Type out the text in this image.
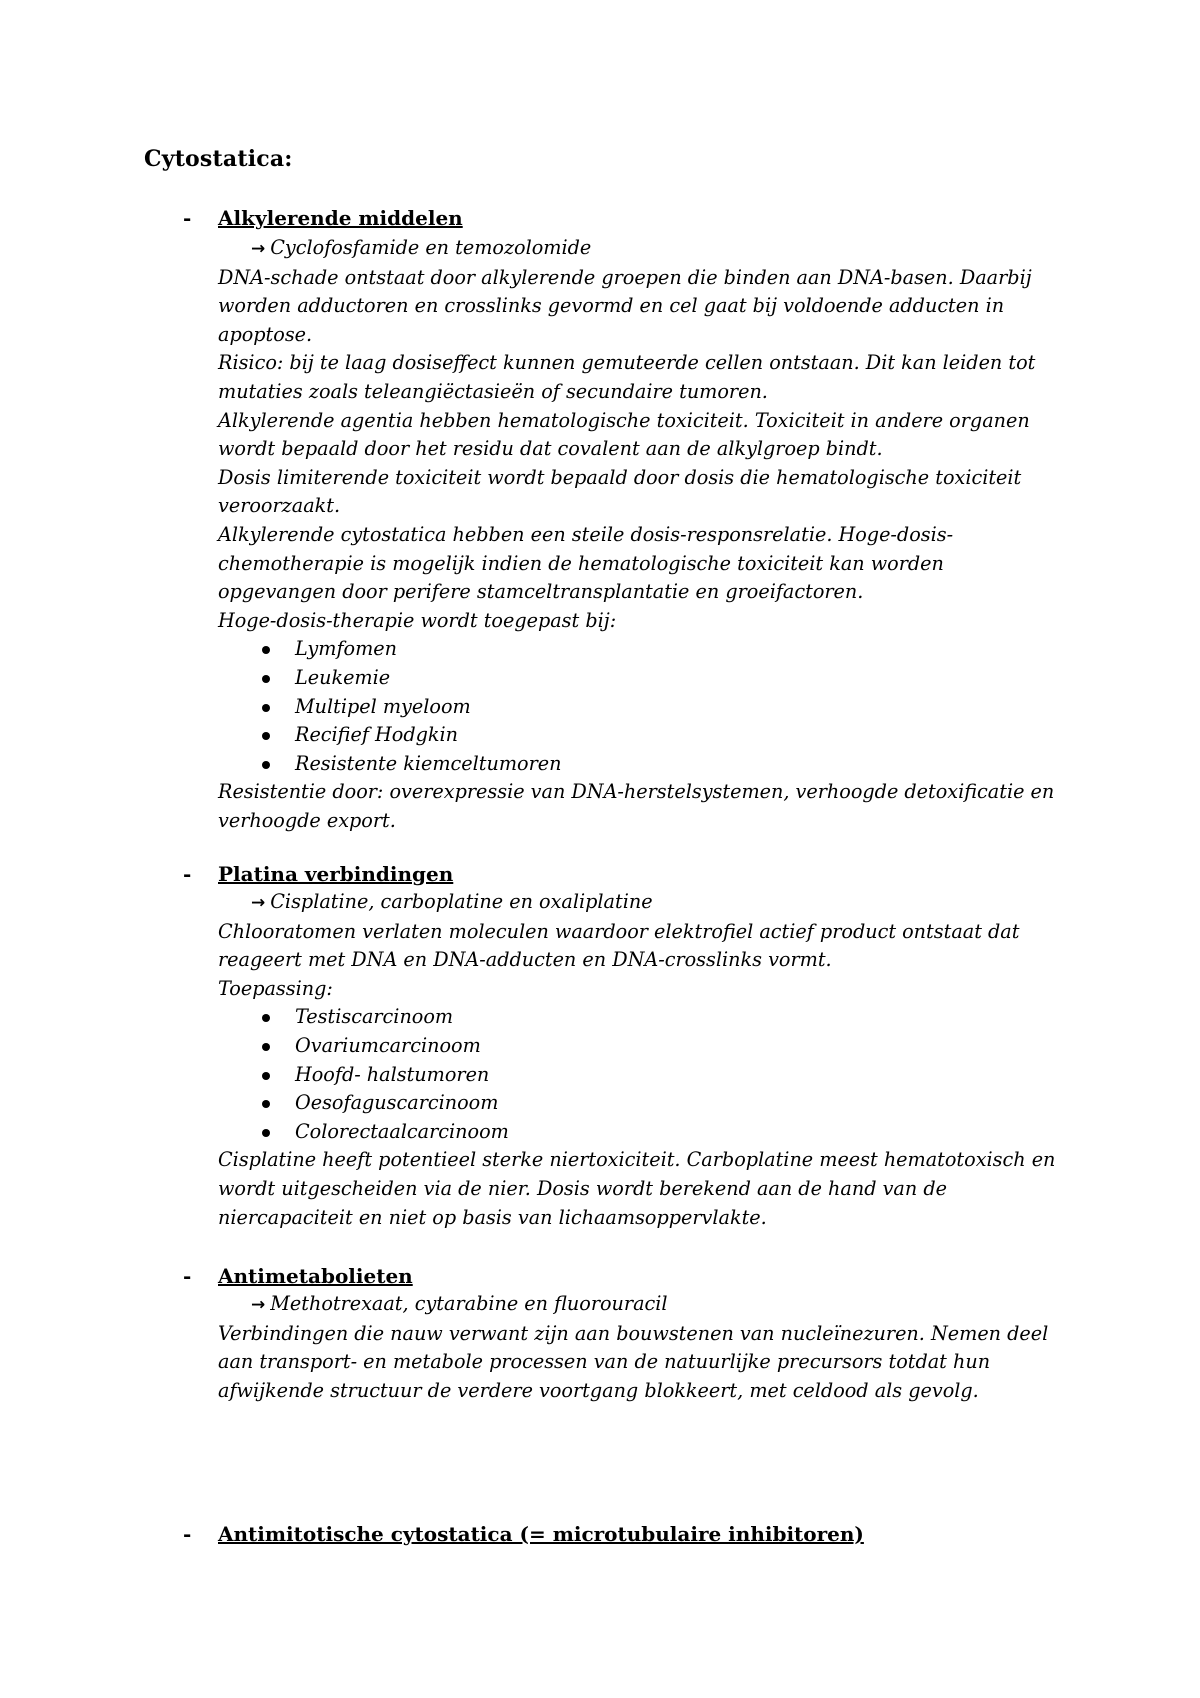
Cytostatica:
- Alkylerende middelen

→ Cyclofosfamide en temozolomide

DNA-schade ontstaat door alkylerende groepen die binden aan DNA-basen. Daarbij worden adductoren en crosslinks gevormd en cel gaat bij voldoende adducten in apoptose.

Risico: bij te laag dosiseffect kunnen gemuteerde cellen ontstaan. Dit kan leiden tot mutaties zoals teleangiëctasieën of secundaire tumoren.

Alkylerende agentia hebben hematologische toxiciteit. Toxiciteit in andere organen wordt bepaald door het residu dat covalent aan de alkylgroep bindt.

Dosis limiterende toxiciteit wordt bepaald door dosis die hematologische toxiciteit veroorzaakt.

Alkylerende cytostatica hebben een steile dosis-responsrelatie. Hoge-dosis-chemotherapie is mogelijk indien de hematologische toxiciteit kan worden opgevangen door perifere stamceltransplantatie en groeifactoren.

Hoge-dosis-therapie wordt toegepast bij:

Lymfomen
Leukemie
Multipel myeloom
Recifief Hodgkin
Resistente kiemceltumoren

Resistentie door: overexpressie van DNA-herstelsystemen, verhoogde detoxificatie en verhoogde export.

- Platina verbindingen

→ Cisplatine, carboplatine en oxaliplatine

Chlooratomen verlaten moleculen waardoor elektrofiel actief product ontstaat dat reageert met DNA en DNA-adducten en DNA-crosslinks vormt.

Toepassing:

Testiscarcinoom
Ovariumcarcinoom
Hoofd- halstumoren
Oesofaguscarcinoom
Colorectaalcarcinoom

Cisplatine heeft potentieel sterke niertoxiciteit. Carboplatine meest hematotoxisch en wordt uitgescheiden via de nier. Dosis wordt berekend aan de hand van de niercapaciteit en niet op basis van lichaamsoppervlakte.

- Antimetabolieten

→ Methotrexaat, cytarabine en fluorouracil

Verbindingen die nauw verwant zijn aan bouwstenen van nucleïnezuren. Nemen deel aan transport- en metabole processen van de natuurlijke precursors totdat hun afwijkende structuur de verdere voortgang blokkeert, met celdood als gevolg.

- Antimitotische cytostatica (= microtubulaire inhibitoren)
